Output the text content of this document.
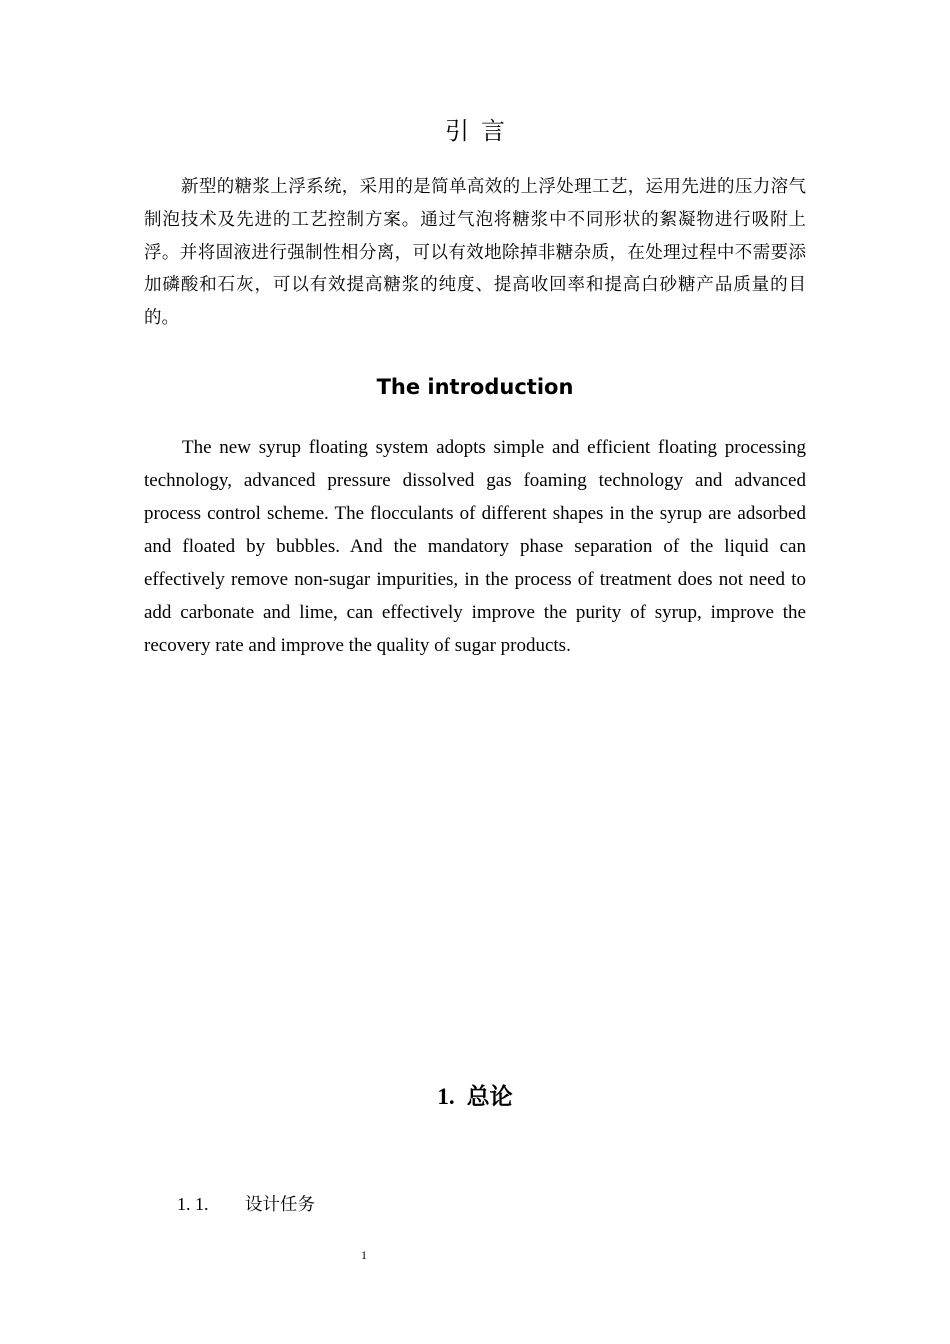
引言

新型的糖浆上浮系统，采用的是简单高效的上浮处理工艺，运用先进的压力溶气制泡技术及先进的工艺控制方案。通过气泡将糖浆中不同形状的絮凝物进行吸附上浮。并将固液进行强制性相分离，可以有效地除掉非糖杂质，在处理过程中不需要添加磷酸和石灰，可以有效提高糖浆的纯度、提高收回率和提高白砂糖产品质量的目的。

The introduction

The new syrup floating system adopts simple and efficient floating processing technology, advanced pressure dissolved gas foaming technology and advanced process control scheme. The flocculants of different shapes in the syrup are adsorbed and floated by bubbles. And the mandatory phase separation of the liquid can effectively remove non-sugar impurities, in the process of treatment does not need to add carbonate and lime, can effectively improve the purity of syrup, improve the recovery rate and improve the quality of sugar products.

1. 总论
1. 1. 设计任务
1
